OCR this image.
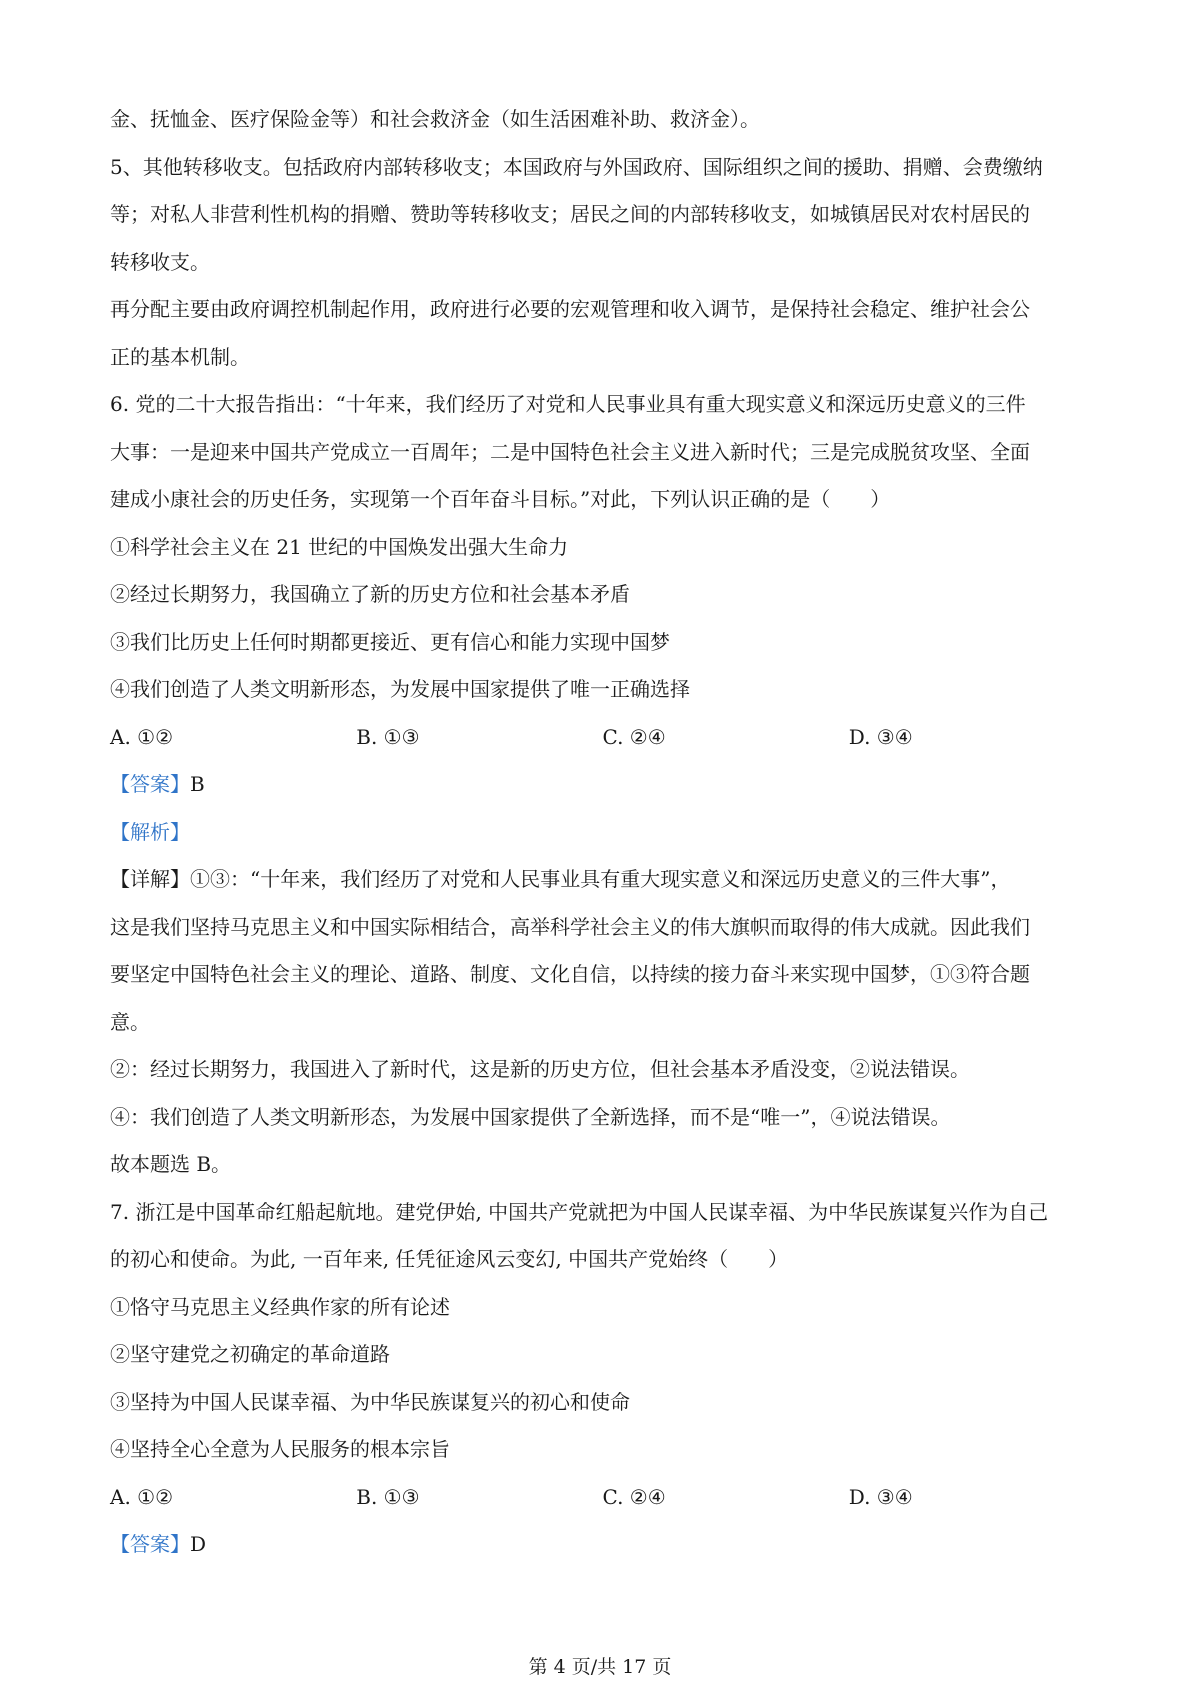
金、抚恤金、医疗保险金等）和社会救济金（如生活困难补助、救济金）。
5、其他转移收支。包括政府内部转移收支；本国政府与外国政府、国际组织之间的援助、捐赠、会费缴纳
等；对私人非营利性机构的捐赠、赞助等转移收支；居民之间的内部转移收支，如城镇居民对农村居民的
转移收支。
再分配主要由政府调控机制起作用，政府进行必要的宏观管理和收入调节，是保持社会稳定、维护社会公
正的基本机制。
6. 党的二十大报告指出：“十年来，我们经历了对党和人民事业具有重大现实意义和深远历史意义的三件
大事：一是迎来中国共产党成立一百周年；二是中国特色社会主义进入新时代；三是完成脱贫攻坚、全面
建成小康社会的历史任务，实现第一个百年奋斗目标。”对此，下列认识正确的是（　　）
①科学社会主义在 21 世纪的中国焕发出强大生命力
②经过长期努力，我国确立了新的历史方位和社会基本矛盾
③我们比历史上任何时期都更接近、更有信心和能力实现中国梦
④我们创造了人类文明新形态，为发展中国家提供了唯一正确选择
A. ①②	B. ①③	C. ②④	D. ③④
【答案】B
【解析】
【详解】①③：“十年来，我们经历了对党和人民事业具有重大现实意义和深远历史意义的三件大事”，
这是我们坚持马克思主义和中国实际相结合，高举科学社会主义的伟大旗帜而取得的伟大成就。因此我们
要坚定中国特色社会主义的理论、道路、制度、文化自信，以持续的接力奋斗来实现中国梦，①③符合题
意。
②：经过长期努力，我国进入了新时代，这是新的历史方位，但社会基本矛盾没变，②说法错误。
④：我们创造了人类文明新形态，为发展中国家提供了全新选择，而不是“唯一”，④说法错误。
故本题选 B。
7. 浙江是中国革命红船起航地。建党伊始, 中国共产党就把为中国人民谋幸福、为中华民族谋复兴作为自己
的初心和使命。为此, 一百年来, 任凭征途风云变幻, 中国共产党始终（　　）
①恪守马克思主义经典作家的所有论述
②坚守建党之初确定的革命道路
③坚持为中国人民谋幸福、为中华民族谋复兴的初心和使命
④坚持全心全意为人民服务的根本宗旨
A. ①②	B. ①③	C. ②④	D. ③④
【答案】D
第 4 页/共 17 页
